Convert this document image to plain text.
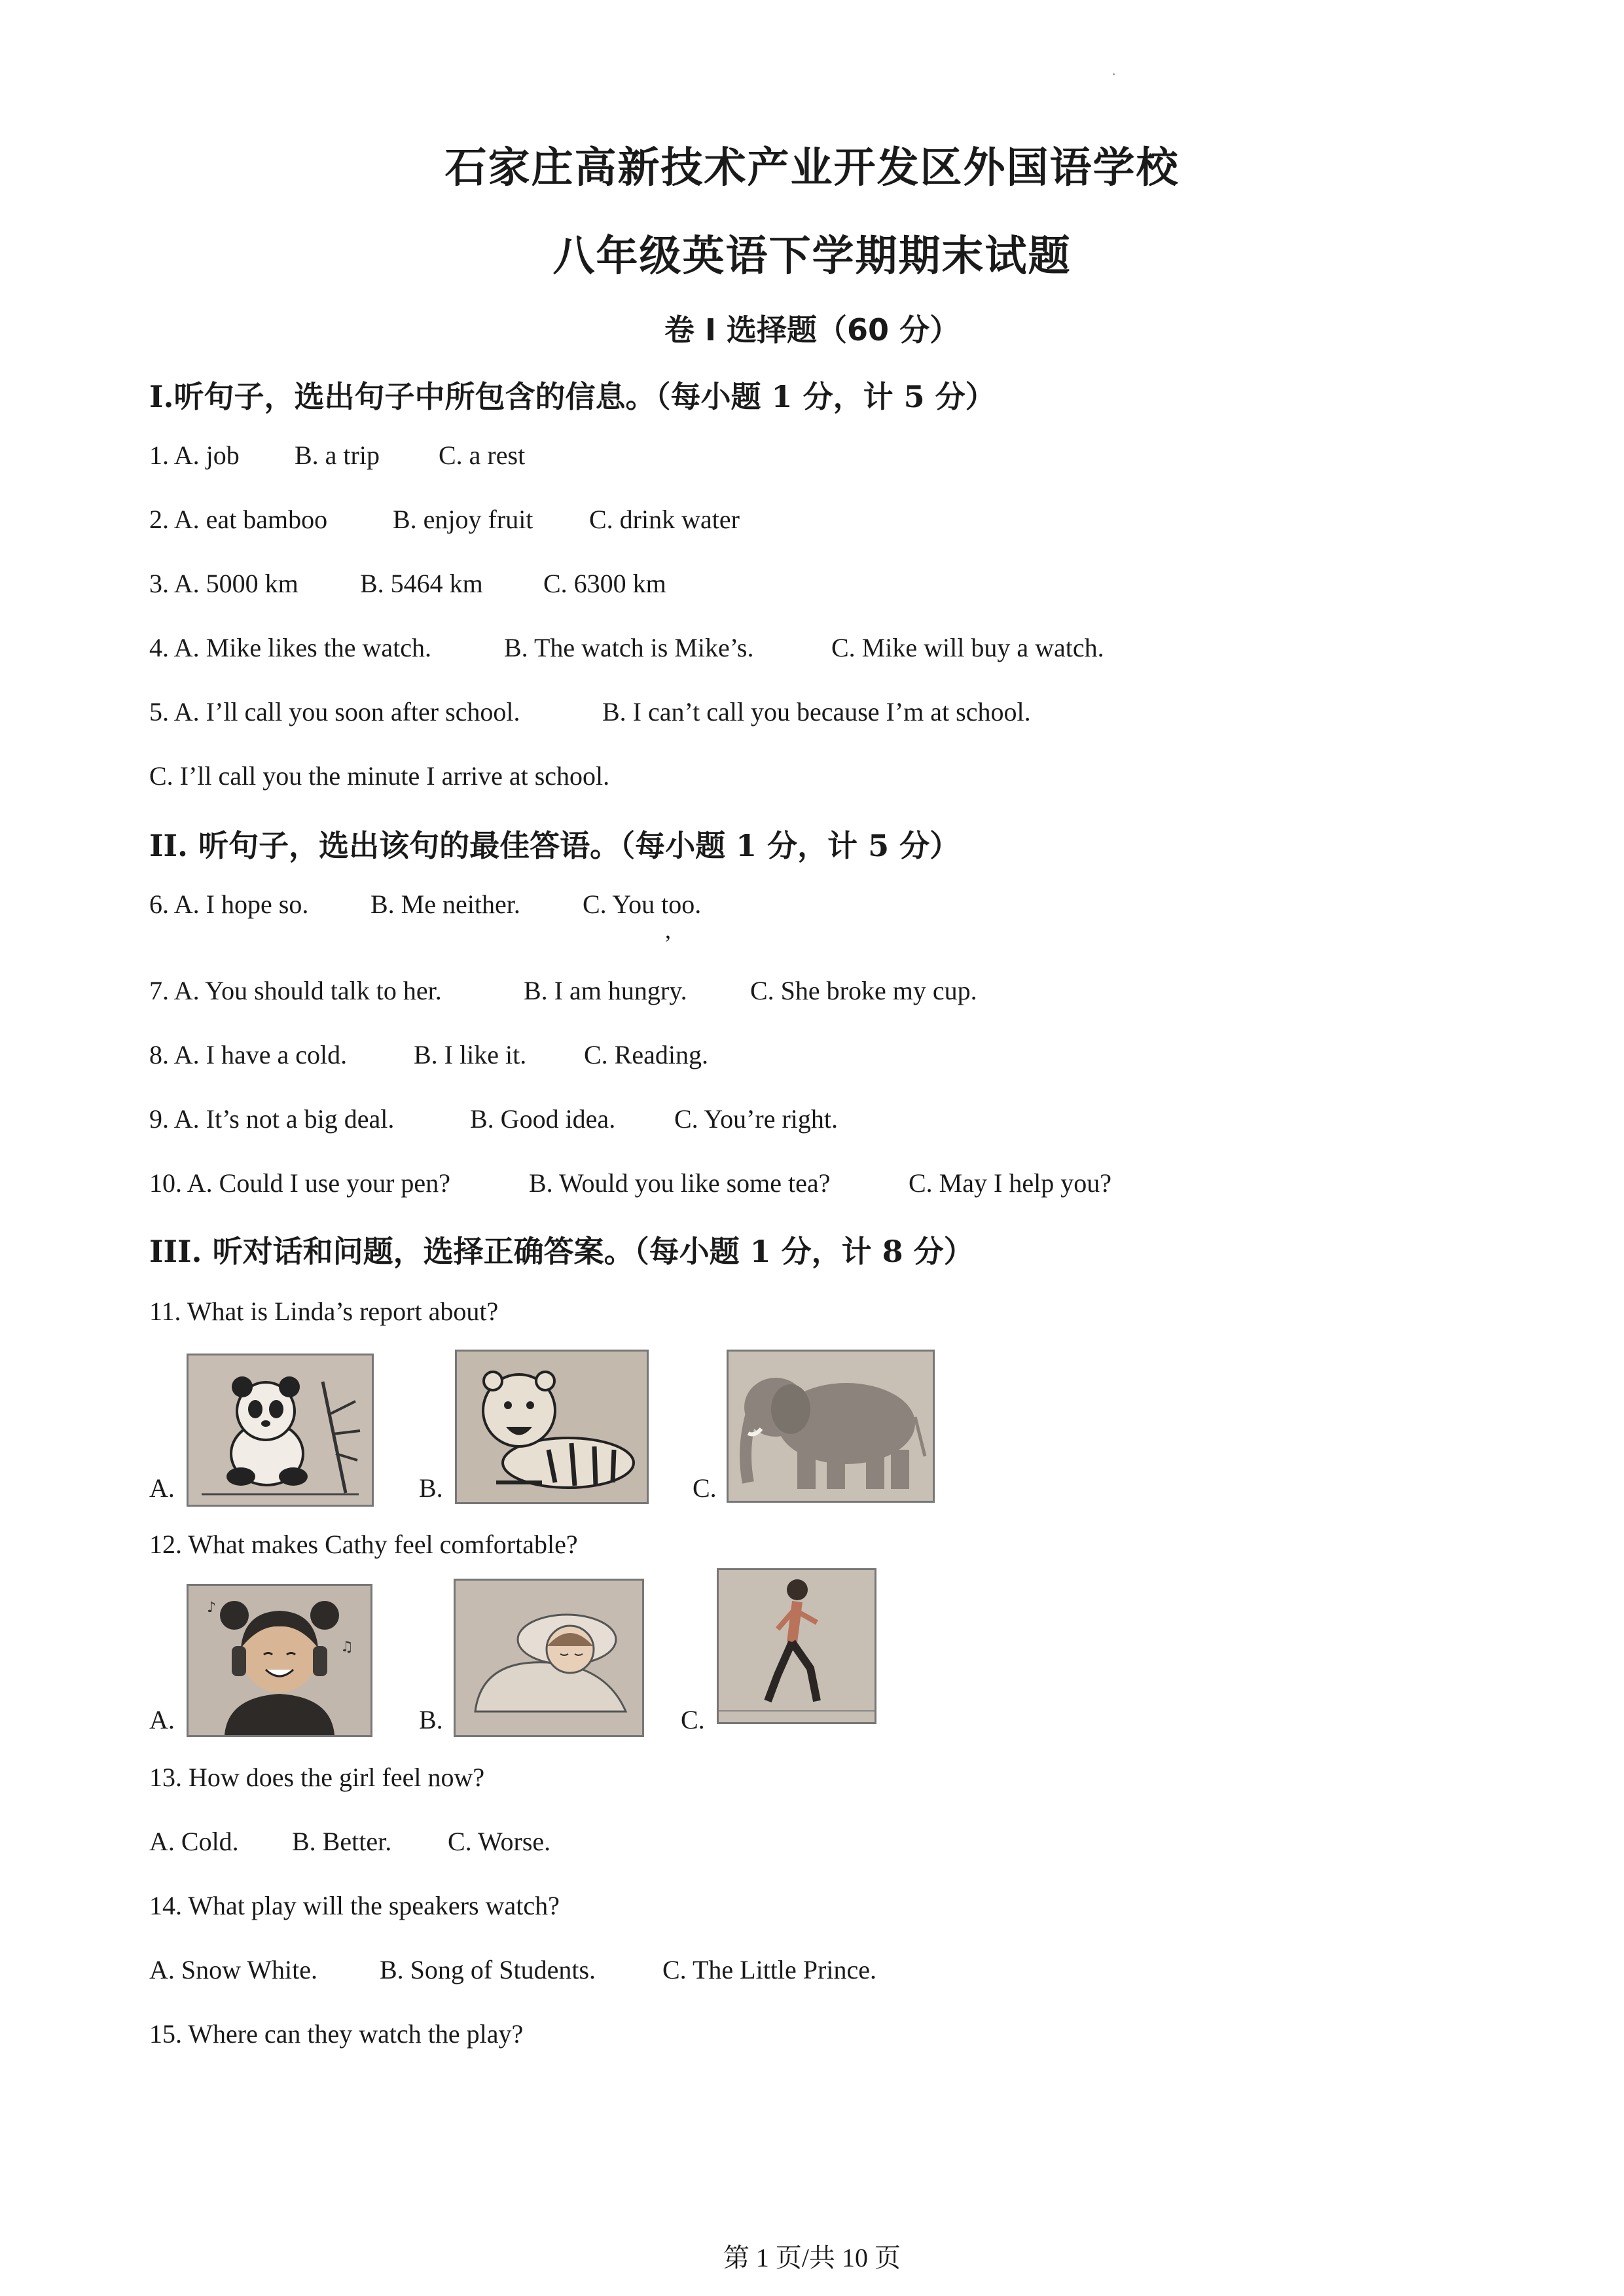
石家庄高新技术产业开发区外国语学校
八年级英语下学期期末试题
卷 I 选择题（60 分）
I.听句子，选出句子中所包含的信息。（每小题 1 分，计 5 分）
1. A. job B. a trip C. a rest
2. A. eat bamboo B. enjoy fruit C. drink water
3. A. 5000 km B. 5464 km C. 6300 km
4. A. Mike likes the watch.	B. The watch is Mike’s.	C. Mike will buy a watch.
5. A. I’ll call you soon after school.	B. I can’t call you because I’m at school.
C. I’ll call you the minute I arrive at school.
II. 听句子，选出该句的最佳答语。（每小题 1 分，计 5 分）
6. A. I hope so. B. Me neither. C. You too.
,
7. A. You should talk to her.	B. I am hungry. C. She broke my cup.
8. A. I have a cold.	B. I like it. C. Reading.
9. A. It’s not a big deal.	B. Good idea. C. You’re right.
10. A. Could I use your pen?	B. Would you like some tea?	C. May I help you?
III. 听对话和问题，选择正确答案。（每小题 1 分，计 8 分）
11. What is Linda’s report about?
A.	B.	C.
12. What makes Cathy feel comfortable?
A.
♪
♫
B.	C.
13. How does the girl feel now?
A. Cold. B. Better. C. Worse.
14. What play will the speakers watch?
A. Snow White. B. Song of Students.	C. The Little Prince.
15. Where can they watch the play?
第 1 页/共 10 页
